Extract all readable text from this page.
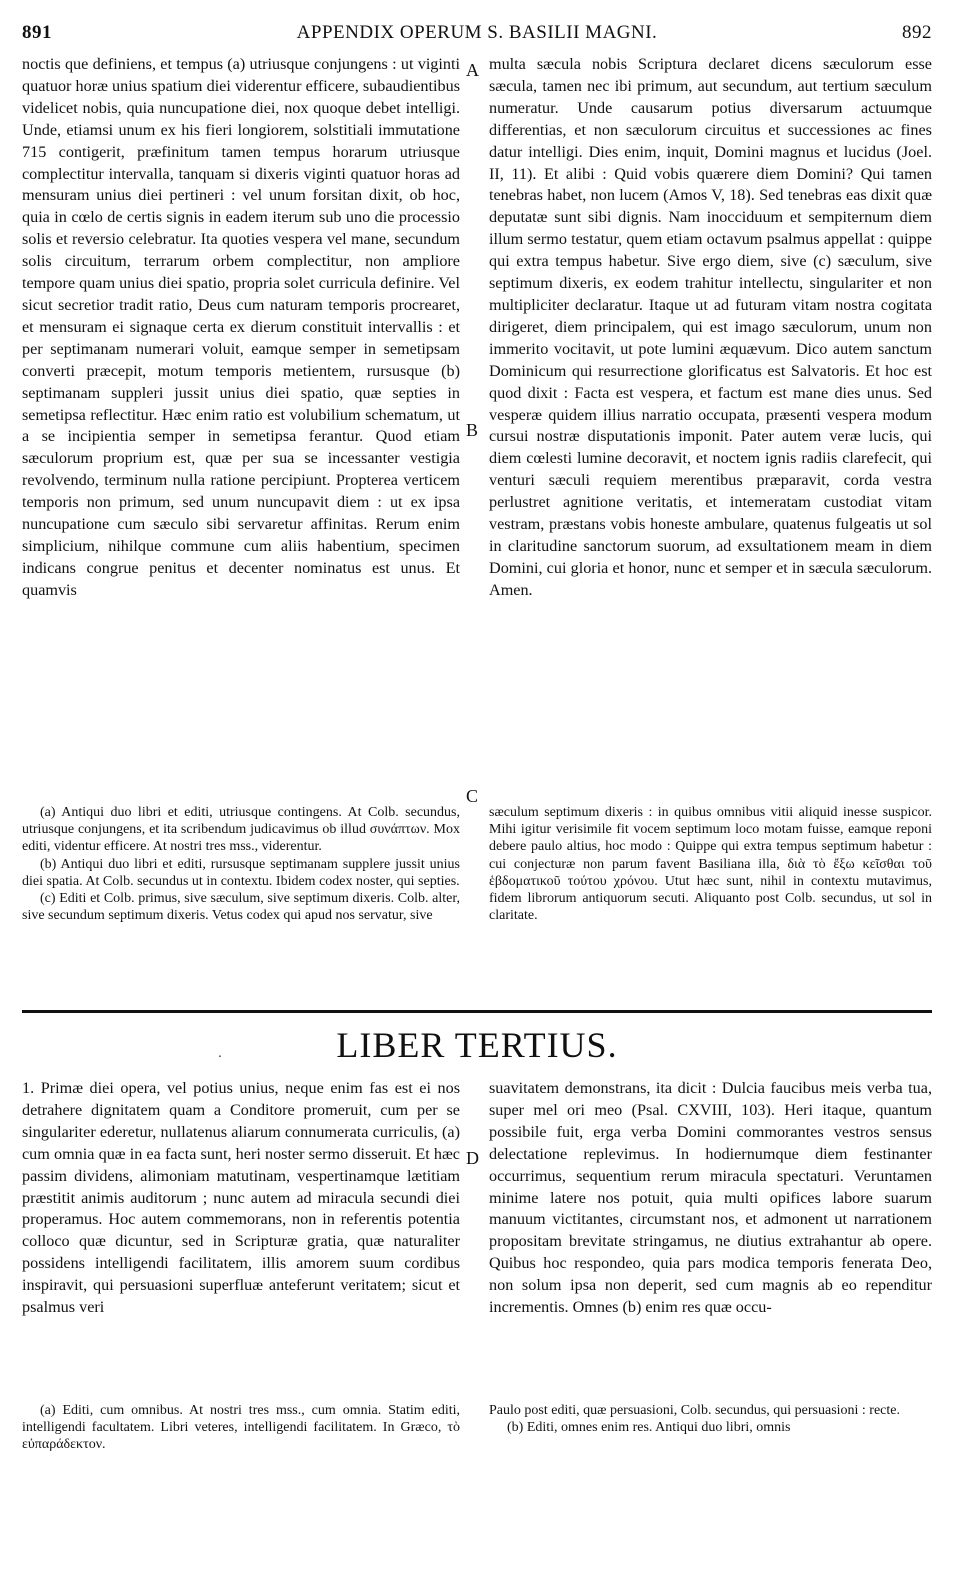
891	APPENDIX OPERUM S. BASILII MAGNI.	892

noctis que definiens, et tempus (a) utriusque conjungens : ut viginti quatuor horæ unius spatium diei viderentur efficere, subaudientibus videlicet nobis, quia nuncupatione diei, nox quoque debet intelligi. Unde, etiamsi unum ex his fieri longiorem, solstitiali immutatione 715 contigerit, præfinitum tamen tempus horarum utriusque complectitur intervalla, tanquam si dixeris viginti quatuor horas ad mensuram unius diei pertineri : vel unum forsitan dixit, ob hoc, quia in cœlo de certis signis in eadem iterum sub uno die processio solis et reversio celebratur. Ita quoties vespera vel mane, secundum solis circuitum, terrarum orbem complectitur, non ampliore tempore quam unius diei spatio, propria solet curricula definire. Vel sicut secretior tradit ratio, Deus cum naturam temporis procrearet, et mensuram ei signaque certa ex dierum constituit intervallis : et per septimanam numerari voluit, eamque semper in semetipsam converti præcepit, motum temporis metientem, rursusque (b) septimanam suppleri jussit unius diei spatio, quæ septies in semetipsa reflectitur. Hæc enim ratio est volubilium schematum, ut a se incipientia semper in semetipsa ferantur. Quod etiam sæculorum proprium est, quæ per sua se incessanter vestigia revolvendo, terminum nulla ratione percipiunt. Propterea verticem temporis non primum, sed unum nuncupavit diem : ut ex ipsa nuncupatione cum sæculo sibi servaretur affinitas. Rerum enim simplicium, nihilque commune cum aliis habentium, specimen indicans congrue penitus et decenter nominatus est unus. Et quamvis

multa sæcula nobis Scriptura declaret dicens sæculorum esse sæcula, tamen nec ibi primum, aut secundum, aut tertium sæculum numeratur. Unde causarum potius diversarum actuumque differentias, et non sæculorum circuitus et successiones ac fines datur intelligi. Dies enim, inquit, Domini magnus et lucidus (Joel. II, 11). Et alibi : Quid vobis quærere diem Domini? Qui tamen tenebras habet, non lucem (Amos V, 18). Sed tenebras eas dixit quæ deputatæ sunt sibi dignis. Nam inocciduum et sempiternum diem illum sermo testatur, quem etiam octavum psalmus appellat : quippe qui extra tempus habetur. Sive ergo diem, sive (c) sæculum, sive septimum dixeris, ex eodem trahitur intellectu, singulariter et non multipliciter declaratur. Itaque ut ad futuram vitam nostra cogitata dirigeret, diem principalem, qui est imago sæculorum, unum non immerito vocitavit, ut pote lumini æquævum. Dico autem sanctum Dominicum qui resurrectione glorificatus est Salvatoris. Et hoc est quod dixit : Facta est vespera, et factum est mane dies unus. Sed vesperæ quidem illius narratio occupata, præsenti vespera modum cursui nostræ disputationis imponit. Pater autem veræ lucis, qui diem cœlesti lumine decoravit, et noctem ignis radiis clarefecit, qui venturi sæculi requiem merentibus præparavit, corda vestra perlustret agnitione veritatis, et intemeratam custodiat vitam vestram, præstans vobis honeste ambulare, quatenus fulgeatis ut sol in claritudine sanctorum suorum, ad exsultationem meam in diem Domini, cui gloria et honor, nunc et semper et in sæcula sæculorum. Amen.

A
B
C
D

(a) Antiqui duo libri et editi, utriusque contingens. At Colb. secundus, utriusque conjungens, et ita scribendum judicavimus ob illud συνάπτων. Mox editi, videntur efficere. At nostri tres mss., viderentur.

(b) Antiqui duo libri et editi, rursusque septimanam supplere jussit unius diei spatia. At Colb. secundus ut in contextu. Ibidem codex noster, qui septies.

(c) Editi et Colb. primus, sive sæculum, sive septimum dixeris. Colb. alter, sive secundum septimum dixeris. Vetus codex qui apud nos servatur, sive

sæculum septimum dixeris : in quibus omnibus vitii aliquid inesse suspicor. Mihi igitur verisimile fit vocem septimum loco motam fuisse, eamque reponi debere paulo altius, hoc modo : Quippe qui extra tempus septimum habetur : cui conjecturæ non parum favent Basiliana illa, διὰ τὸ ἔξω κεῖσθαι τοῦ ἑβδοματικοῦ τούτου χρόνου. Utut hæc sunt, nihil in contextu mutavimus, fidem librorum antiquorum secuti. Aliquanto post Colb. secundus, ut sol in claritate.

LIBER TERTIUS.
.

1. Primæ diei opera, vel potius unius, neque enim fas est ei nos detrahere dignitatem quam a Conditore promeruit, cum per se singulariter ederetur, nullatenus aliarum connumerata curriculis, (a) cum omnia quæ in ea facta sunt, heri noster sermo disseruit. Et hæc passim dividens, alimoniam matutinam, vespertinamque lætitiam præstitit animis auditorum ; nunc autem ad miracula secundi diei properamus. Hoc autem commemorans, non in referentis potentia colloco quæ dicuntur, sed in Scripturæ gratia, quæ naturaliter possidens intelligendi facilitatem, illis amorem suum cordibus inspiravit, qui persuasioni superfluæ anteferunt veritatem; sicut et psalmus veri

suavitatem demonstrans, ita dicit : Dulcia faucibus meis verba tua, super mel ori meo (Psal. CXVIII, 103). Heri itaque, quantum possibile fuit, erga verba Domini commorantes vestros sensus delectatione replevimus. In hodiernumque diem festinanter occurrimus, sequentium rerum miracula spectaturi. Veruntamen minime latere nos potuit, quia multi opifices labore suarum manuum victitantes, circumstant nos, et admonent ut narrationem propositam brevitate stringamus, ne diutius extrahantur ab opere. Quibus hoc respondeo, quia pars modica temporis fenerata Deo, non solum ipsa non deperit, sed cum magnis ab eo rependitur incrementis. Omnes (b) enim res quæ occu-

(a) Editi, cum omnibus. At nostri tres mss., cum omnia. Statim editi, intelligendi facultatem. Libri veteres, intelligendi facilitatem. In Græco, τὸ εὐπαράδεκτον.

Paulo post editi, quæ persuasioni, Colb. secundus, qui persuasioni : recte.

(b) Editi, omnes enim res. Antiqui duo libri, omnis
